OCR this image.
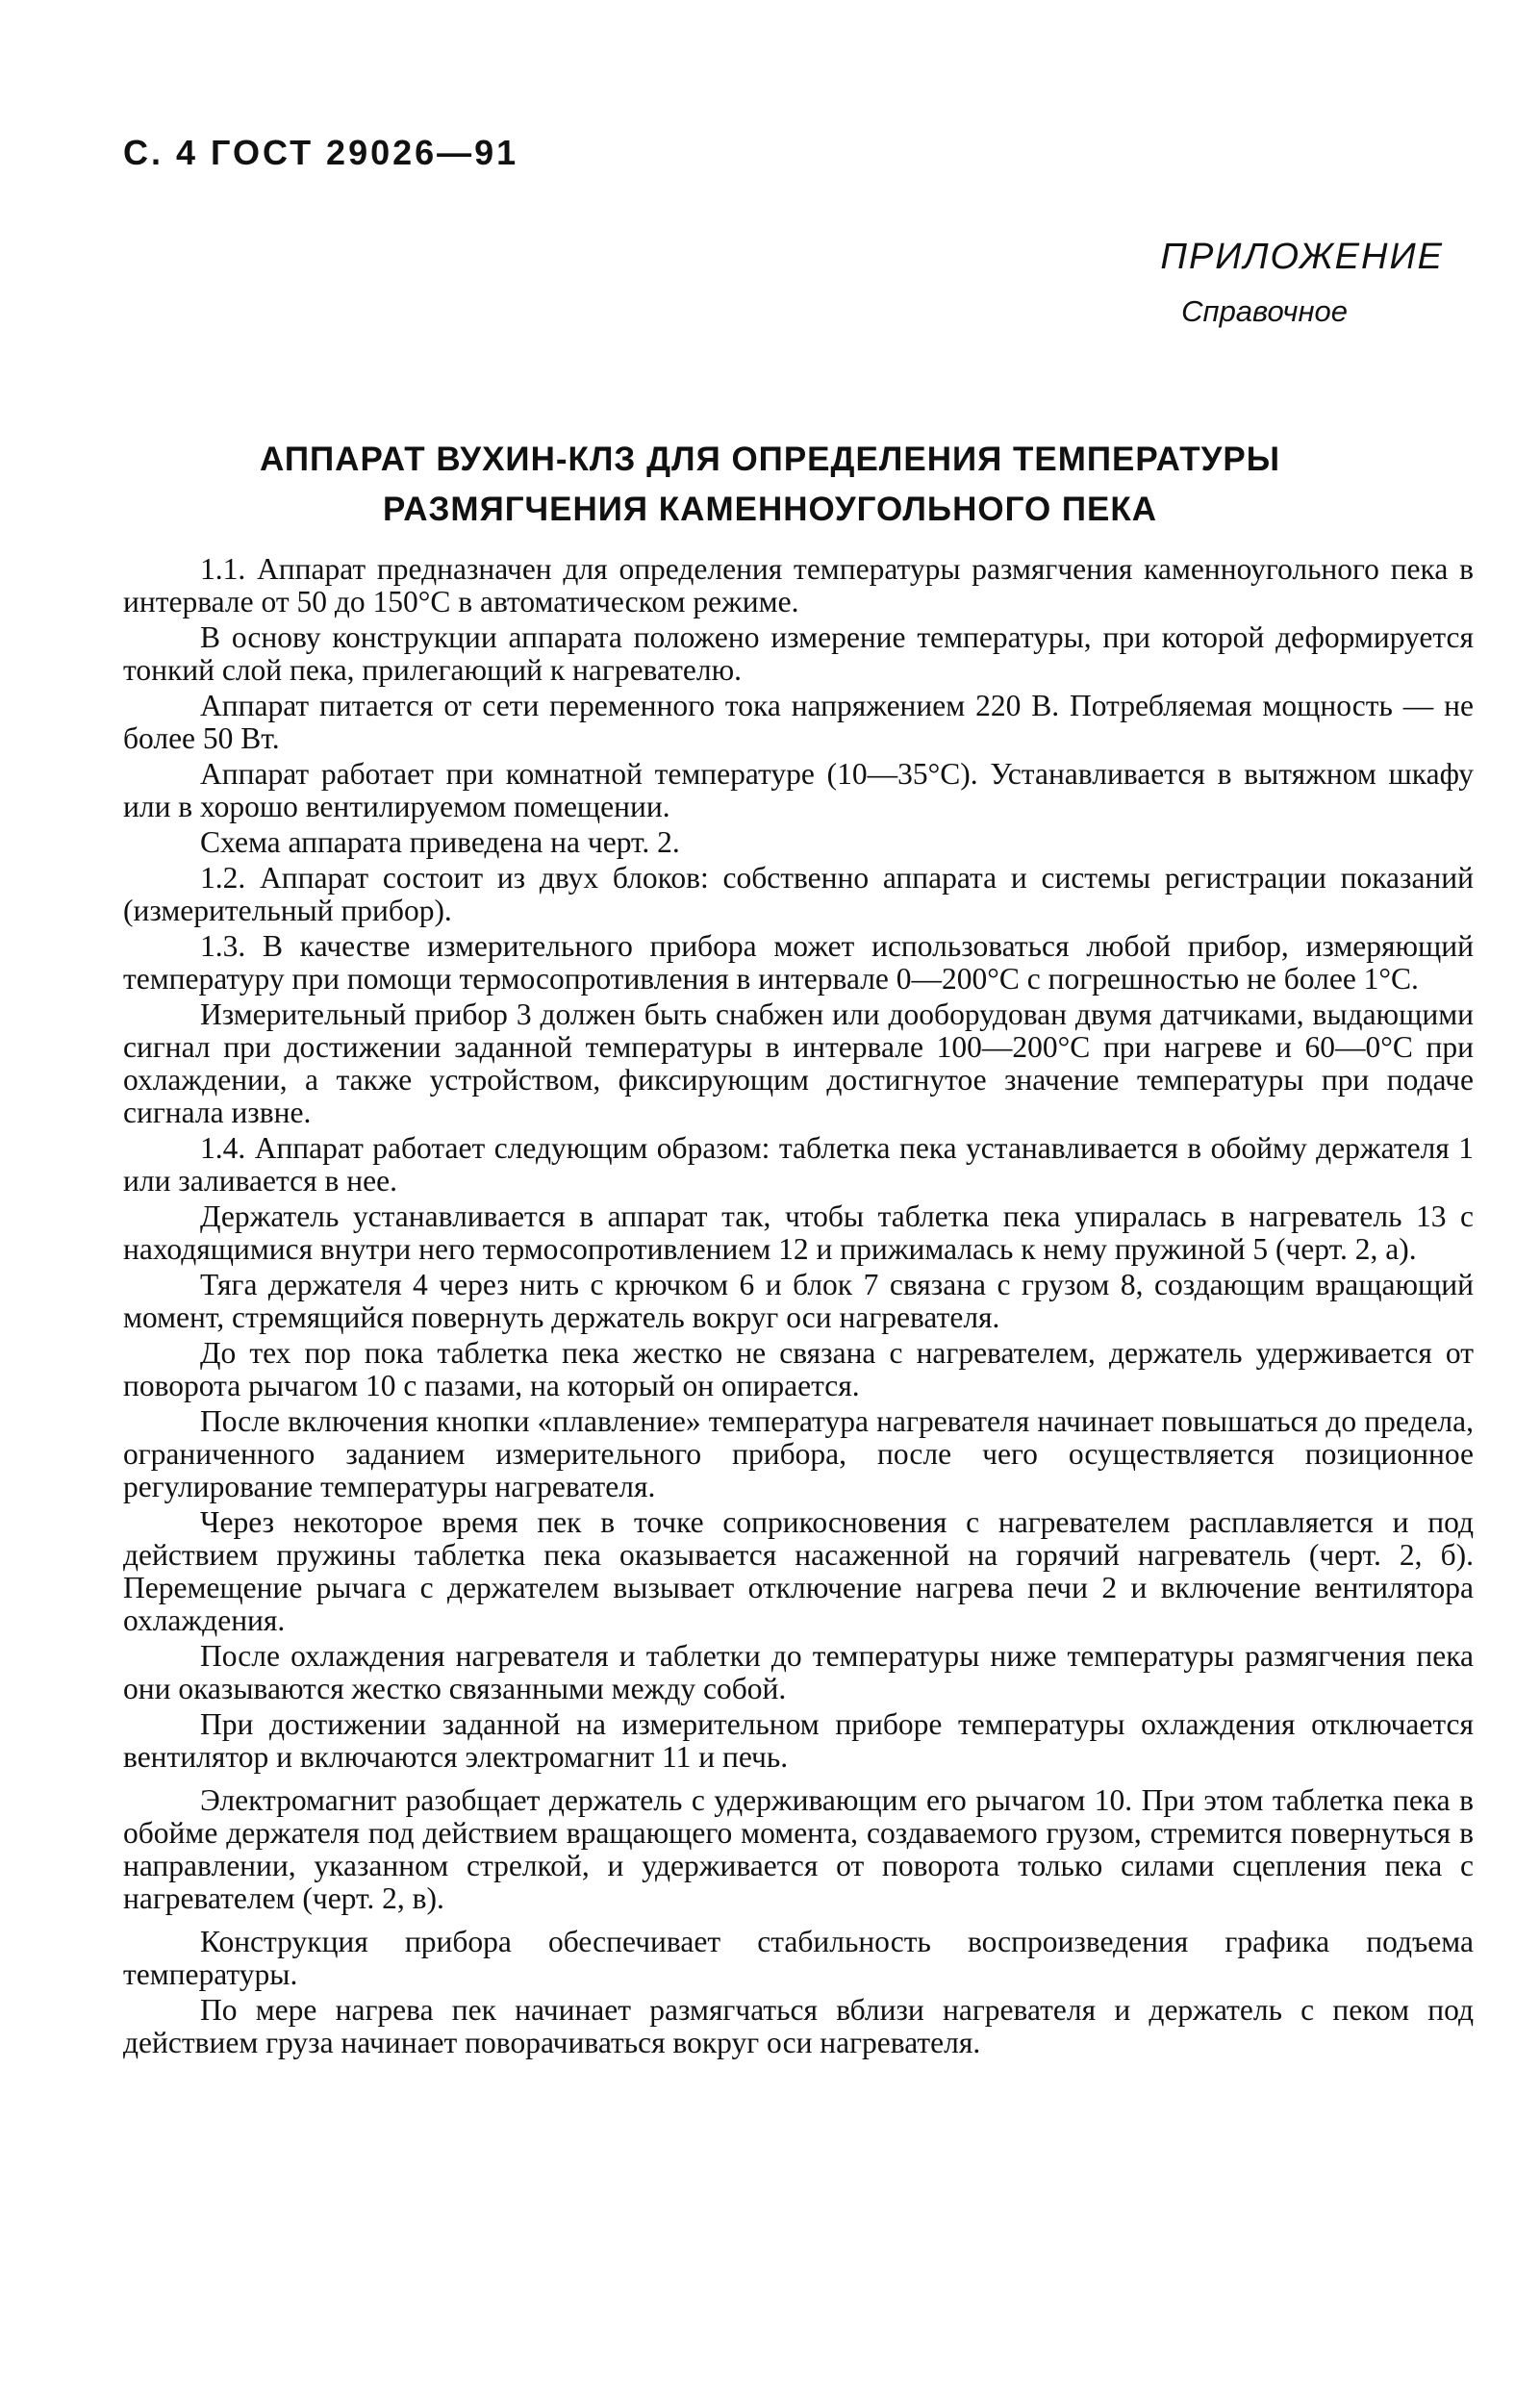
С. 4 ГОСТ 29026—91
ПРИЛОЖЕНИЕ
Справочное
АППАРАТ ВУХИН-КЛЗ ДЛЯ ОПРЕДЕЛЕНИЯ ТЕМПЕРАТУРЫ
РАЗМЯГЧЕНИЯ КАМЕННОУГОЛЬНОГО ПЕКА

1.1. Аппарат предназначен для определения температуры размягчения каменноугольного пека в интервале от 50 до 150°С в автоматическом режиме.

В основу конструкции аппарата положено измерение температуры, при которой деформируется тонкий слой пека, прилегающий к нагревателю.

Аппарат питается от сети переменного тока напряжением 220 В. Потребляемая мощность — не более 50 Вт.

Аппарат работает при комнатной температуре (10—35°С). Устанавливается в вытяжном шкафу или в хорошо вентилируемом помещении.

Схема аппарата приведена на черт. 2.

1.2. Аппарат состоит из двух блоков: собственно аппарата и системы регистрации показаний (измерительный прибор).

1.3. В качестве измерительного прибора может использоваться любой прибор, измеряющий температуру при помощи термосопротивления в интервале 0—200°С с погрешностью не более 1°С.

Измерительный прибор 3 должен быть снабжен или дооборудован двумя датчиками, выдающими сигнал при достижении заданной температуры в интервале 100—200°С при нагреве и 60—0°С при охлаждении, а также устройством, фиксирующим достигнутое значение температуры при подаче сигнала извне.

1.4. Аппарат работает следующим образом: таблетка пека устанавливается в обойму держателя 1 или заливается в нее.

Держатель устанавливается в аппарат так, чтобы таблетка пека упиралась в нагреватель 13 с находящимися внутри него термосопротивлением 12 и прижималась к нему пружиной 5 (черт. 2, а).

Тяга держателя 4 через нить с крючком 6 и блок 7 связана с грузом 8, создающим вращающий момент, стремящийся повернуть держатель вокруг оси нагревателя.

До тех пор пока таблетка пека жестко не связана с нагревателем, держатель удерживается от поворота рычагом 10 с пазами, на который он опирается.

После включения кнопки «плавление» температура нагревателя начинает повышаться до предела, ограниченного заданием измерительного прибора, после чего осуществляется позиционное регулирование температуры нагревателя.

Через некоторое время пек в точке соприкосновения с нагревателем расплавляется и под действием пружины таблетка пека оказывается насаженной на горячий нагреватель (черт. 2, б). Перемещение рычага с держателем вызывает отключение нагрева печи 2 и включение вентилятора охлаждения.

После охлаждения нагревателя и таблетки до температуры ниже температуры размягчения пека они оказываются жестко связанными между собой.

При достижении заданной на измерительном приборе температуры охлаждения отключается вентилятор и включаются электромагнит 11 и печь.

Электромагнит разобщает держатель с удерживающим его рычагом 10. При этом таблетка пека в обойме держателя под действием вращающего момента, создаваемого грузом, стремится повернуться в направлении, указанном стрелкой, и удерживается от поворота только силами сцепления пека с нагревателем (черт. 2, в).

Конструкция прибора обеспечивает стабильность воспроизведения графика подъема температуры.

По мере нагрева пек начинает размягчаться вблизи нагревателя и держатель с пеком под действием груза начинает поворачиваться вокруг оси нагревателя.
